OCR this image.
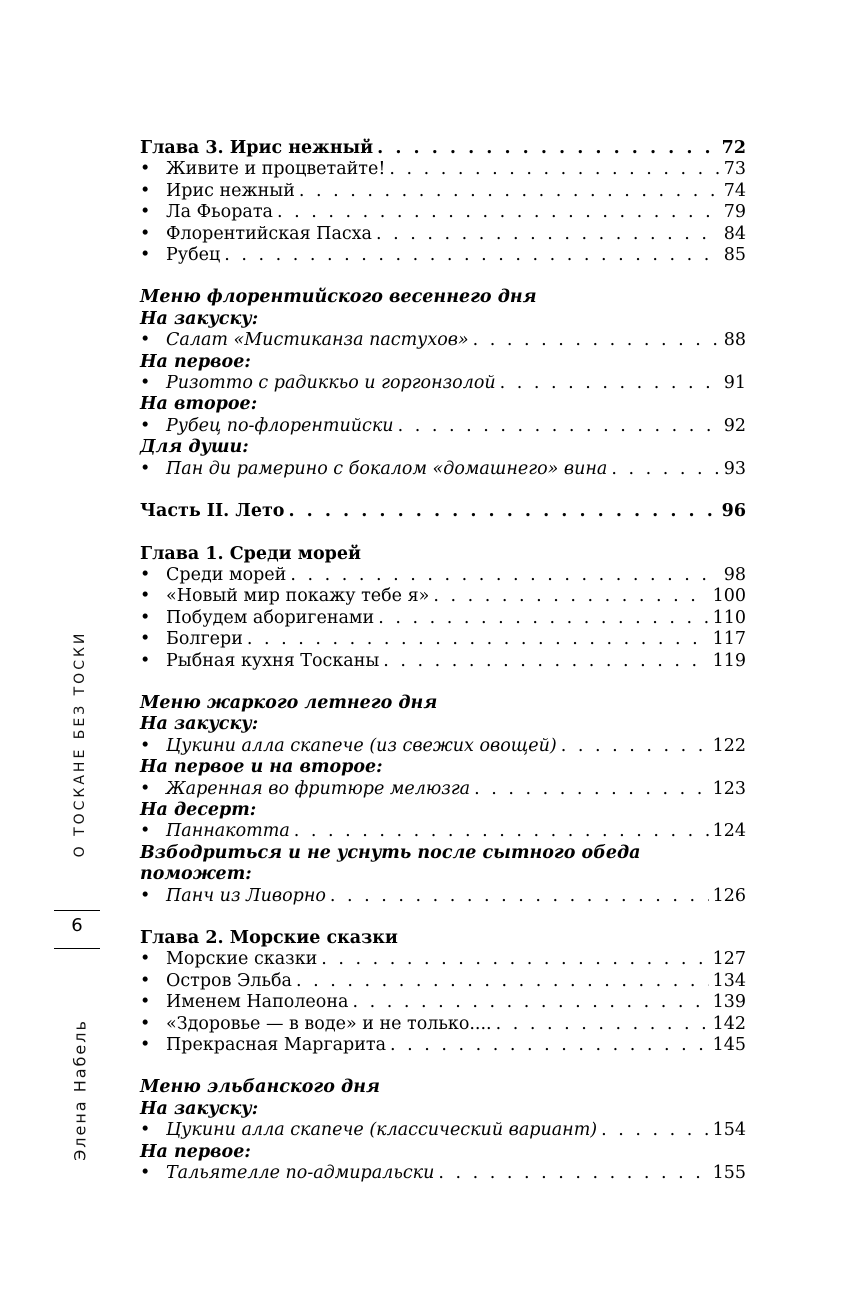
О ТОСКАНЕ БЕЗ ТОСКИ
6
Элена Набель
Глава 3. Ирис нежный . . .	72
• Живите и процветайте! . . .	73
• Ирис нежный . . .	74
• Ла Фьората . . .	79
• Флорентийская Пасха . . .	84
• Рубец . . .	85
Меню флорентийского весеннего дня
На закуску:
• Салат «Мистиканза пастухов» . . .	88
На первое:
• Ризотто с радиккьо и горгонзолой . . .	91
На второе:
• Рубец по-флорентийски . . .	92
Для души:
• Пан ди рамерино с бокалом «домашнего» вина . . .	93
Часть II. Лето . . .	96
Глава 1. Среди морей
• Среди морей . . .	98
• «Новый мир покажу тебе я» . . .	100
• Побудем аборигенами . . .	110
• Болгери . . .	117
• Рыбная кухня Тосканы . . .	119
Меню жаркого летнего дня
На закуску:
• Цукини алла скапече (из свежих овощей) . . .	122
На первое и на второе:
• Жаренная во фритюре мелюзга . . .	123
На десерт:
• Паннакотта . . .	124
Взбодриться и не уснуть после сытного обеда
поможет:
• Панч из Ливорно . . .	126
Глава 2. Морские сказки
• Морские сказки . . .	127
• Остров Эльба . . .	134
• Именем Наполеона . . .	139
• «Здоровье — в воде» и не только.... . . .	142
• Прекрасная Маргарита . . .	145
Меню эльбанского дня
На закуску:
• Цукини алла скапече (классический вариант) . . .	154
На первое:
• Тальятелле по-адмиральски . . .	155
